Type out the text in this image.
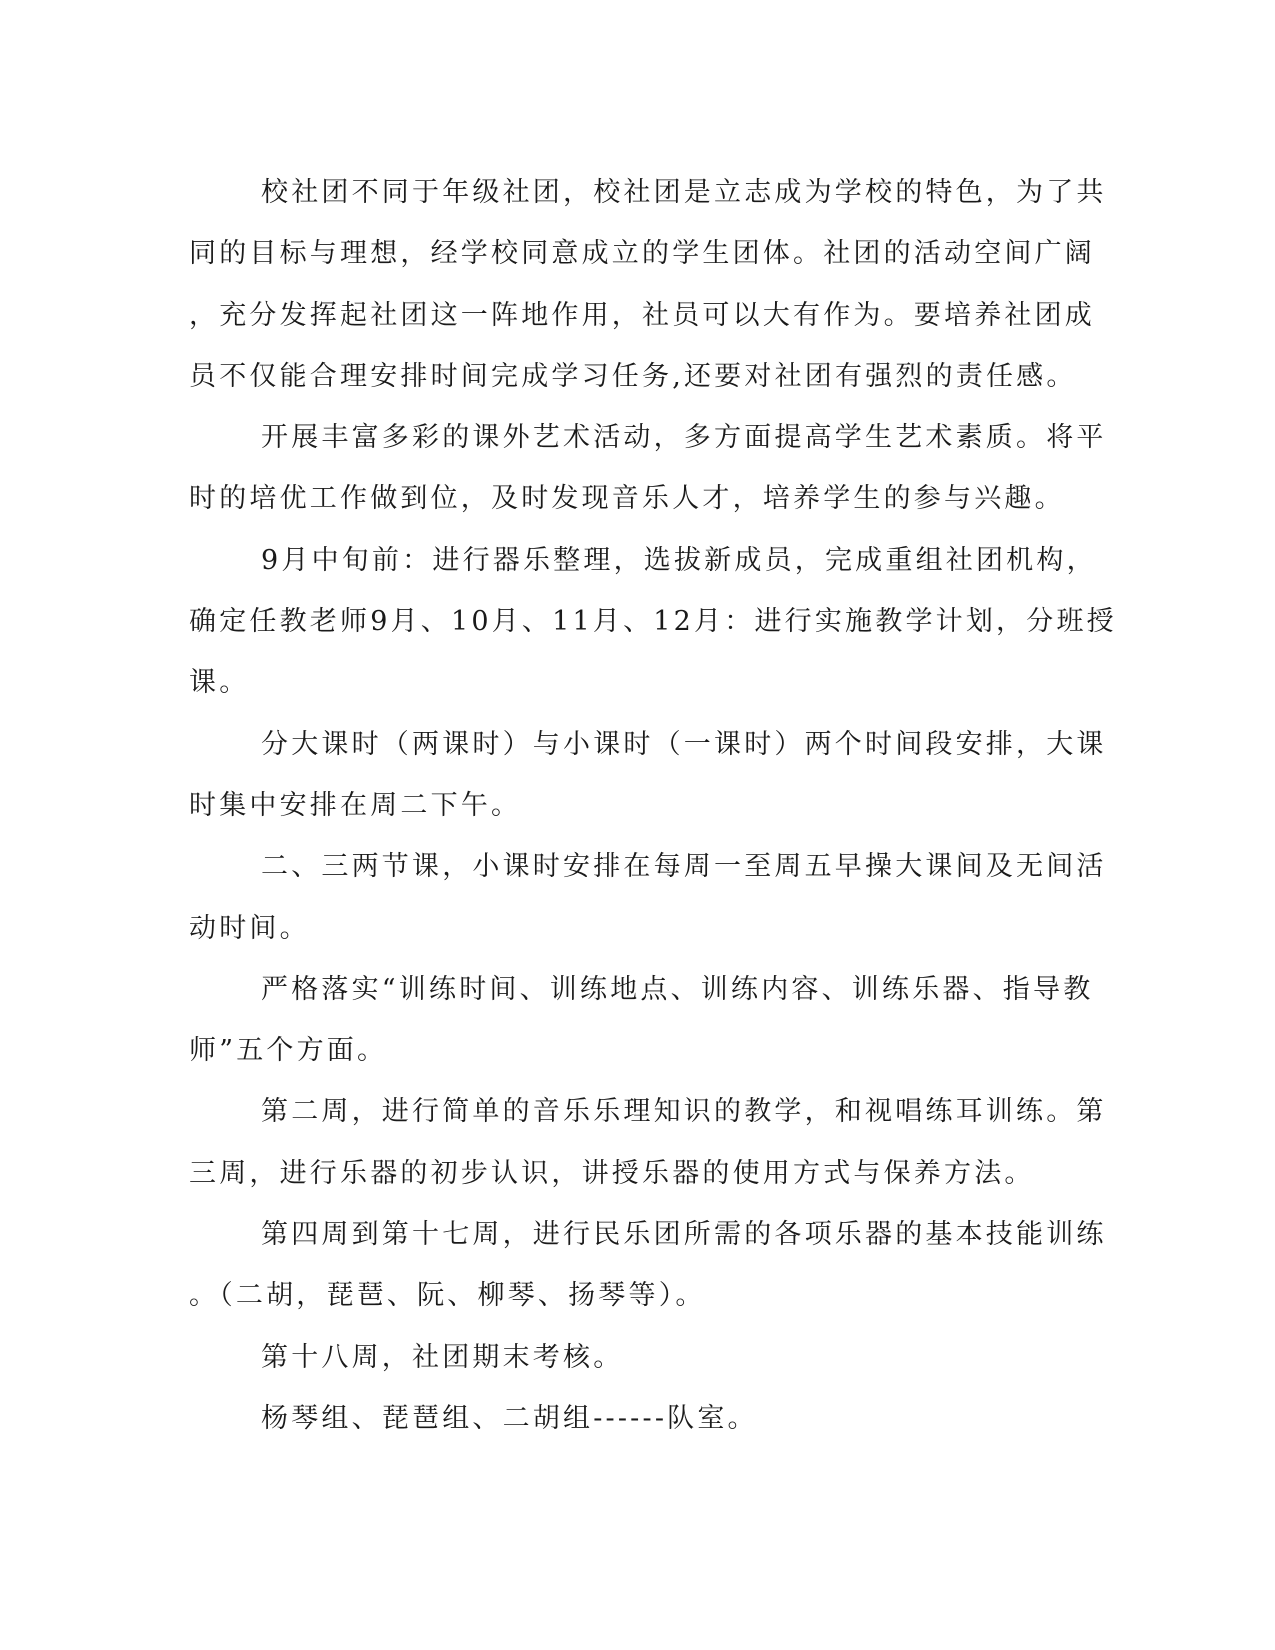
校社团不同于年级社团，校社团是立志成为学校的特色，为了共
同的目标与理想，经学校同意成立的学生团体。社团的活动空间广阔
，充分发挥起社团这一阵地作用，社员可以大有作为。要培养社团成
员不仅能合理安排时间完成学习任务,还要对社团有强烈的责任感。
开展丰富多彩的课外艺术活动，多方面提高学生艺术素质。将平
时的培优工作做到位，及时发现音乐人才，培养学生的参与兴趣。
9月中旬前：进行器乐整理，选拔新成员，完成重组社团机构，
确定任教老师9月、10月、11月、12月：进行实施教学计划，分班授
课。
分大课时（两课时）与小课时（一课时）两个时间段安排，大课
时集中安排在周二下午。
二、三两节课，小课时安排在每周一至周五早操大课间及无间活
动时间。
严格落实“训练时间、训练地点、训练内容、训练乐器、指导教
师”五个方面。
第二周，进行简单的音乐乐理知识的教学，和视唱练耳训练。第
三周，进行乐器的初步认识，讲授乐器的使用方式与保养方法。
第四周到第十七周，进行民乐团所需的各项乐器的基本技能训练
。（二胡，琵琶、阮、柳琴、扬琴等）。
第十八周，社团期末考核。
杨琴组、琵琶组、二胡组------队室。
